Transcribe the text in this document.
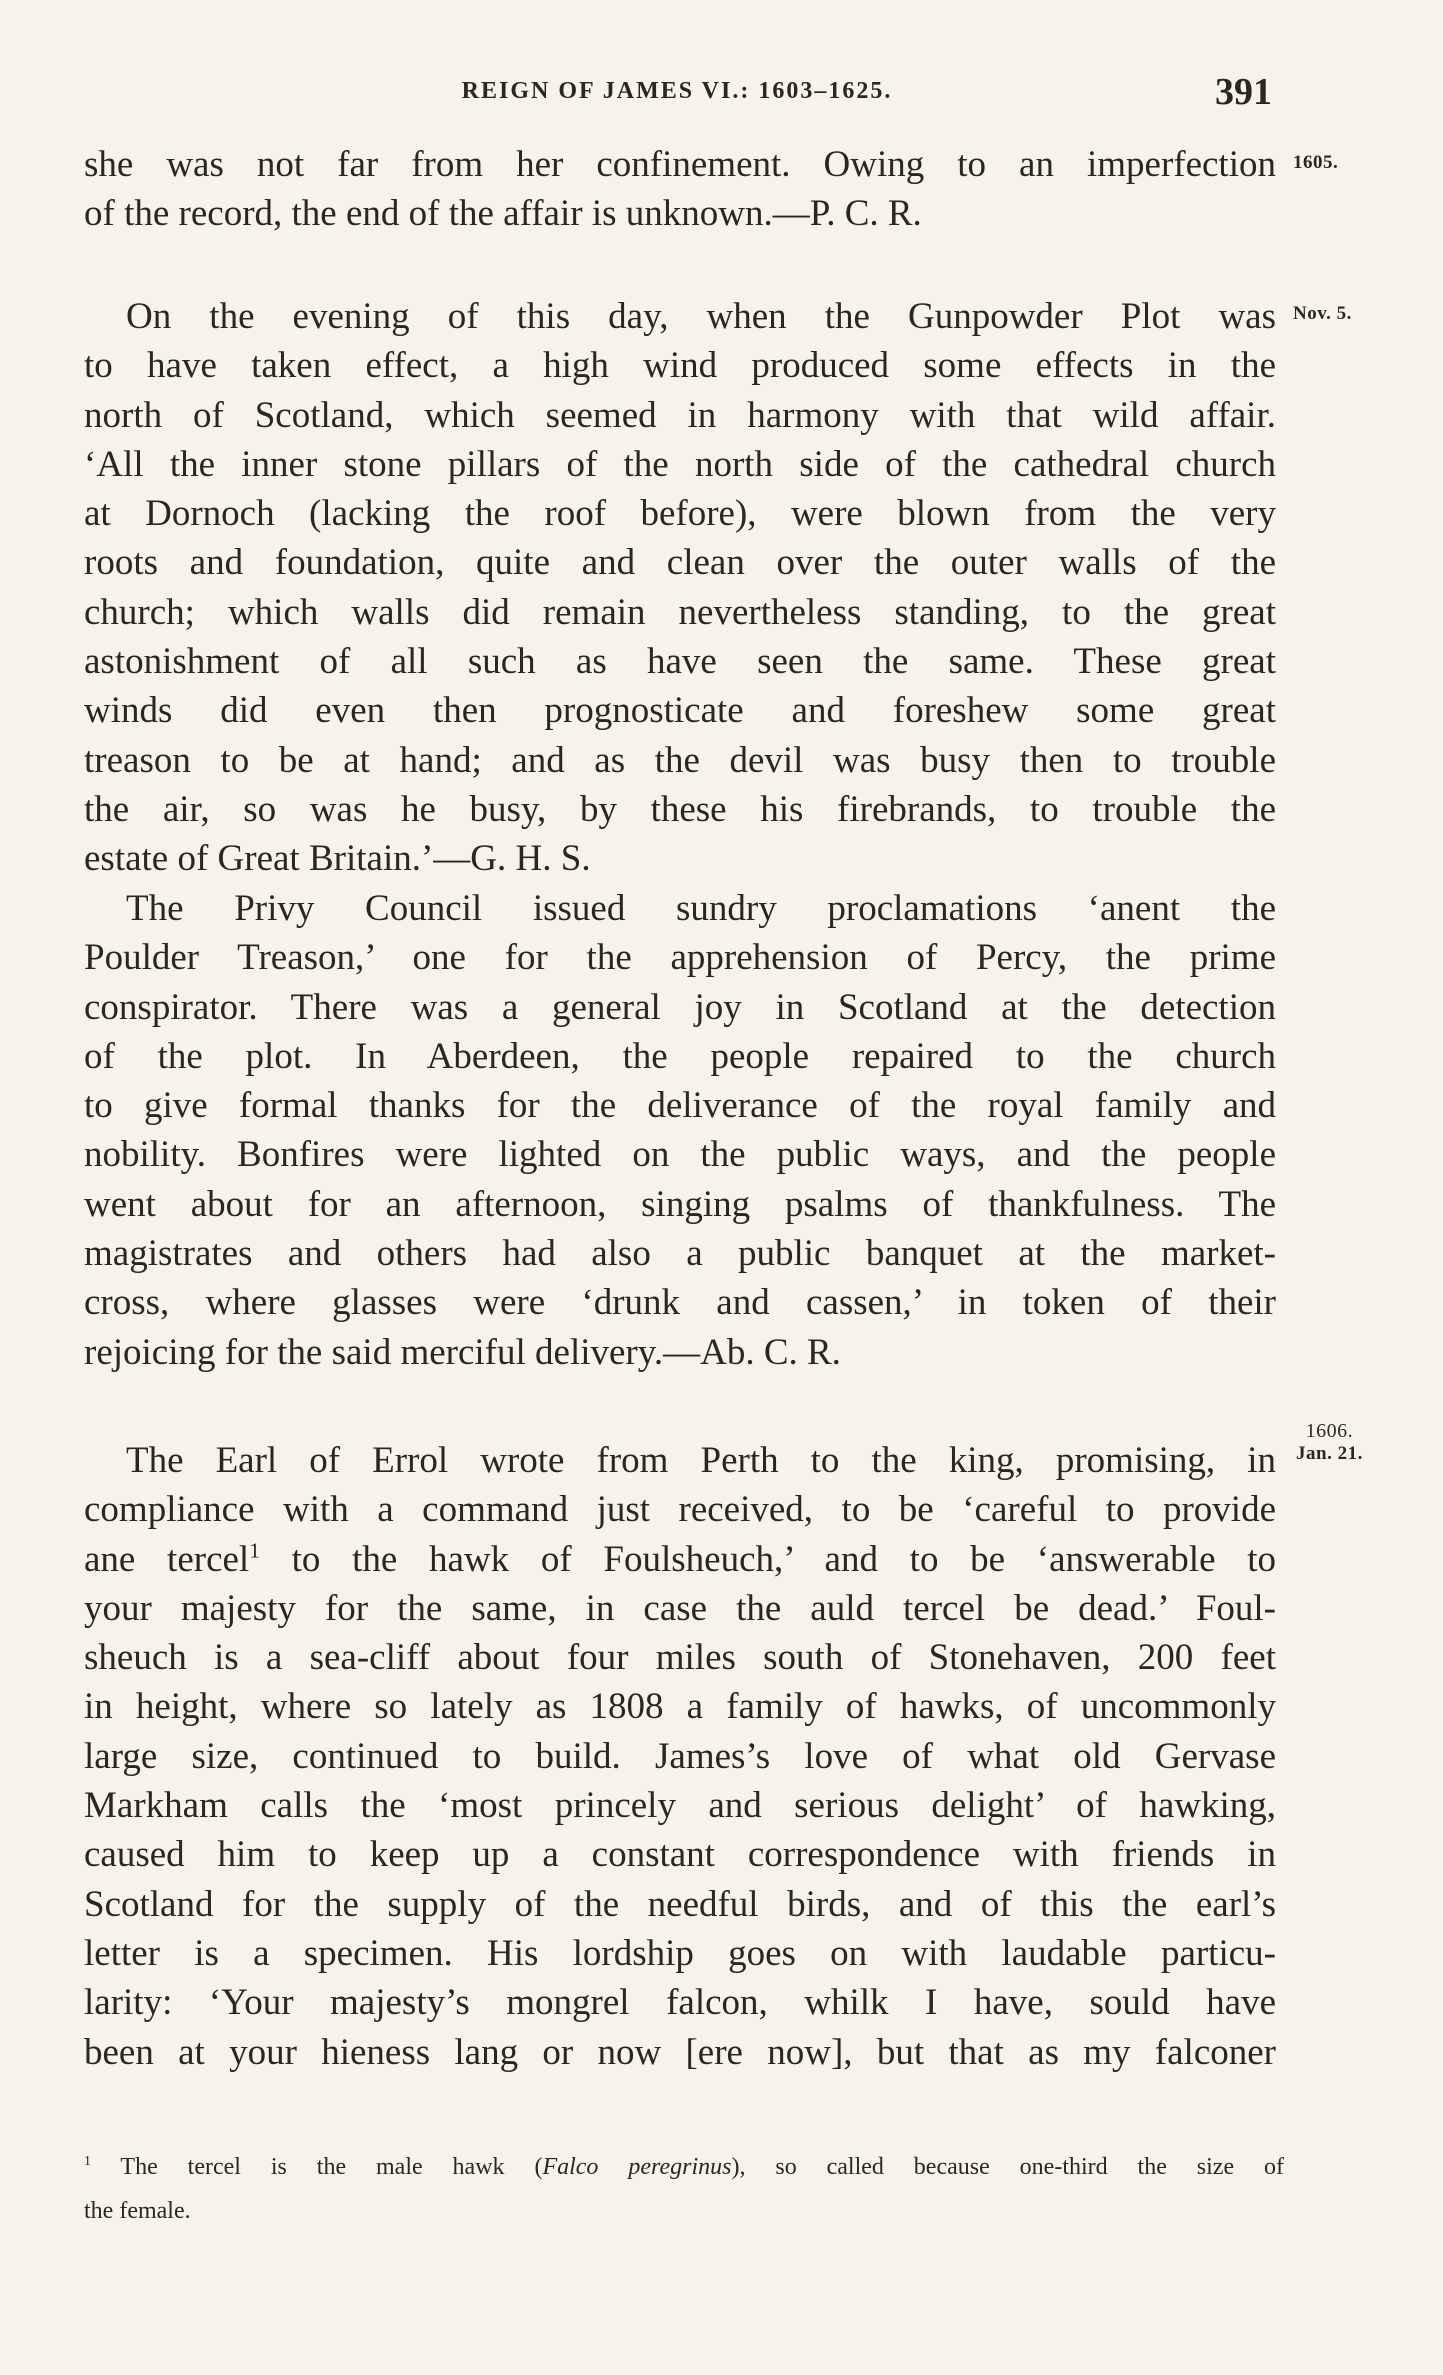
REIGN OF JAMES VI.: 1603–1625.	391
1605.
Nov. 5.
1606.
Jan. 21.
she was not far from her confinement. Owing to an imperfection
of the record, the end of the affair is unknown.—P. C. R.
On the evening of this day, when the Gunpowder Plot was
to have taken effect, a high wind produced some effects in the
north of Scotland, which seemed in harmony with that wild affair.
‘All the inner stone pillars of the north side of the cathedral church
at Dornoch (lacking the roof before), were blown from the very
roots and foundation, quite and clean over the outer walls of the
church; which walls did remain nevertheless standing, to the great
astonishment of all such as have seen the same. These great
winds did even then prognosticate and foreshew some great
treason to be at hand; and as the devil was busy then to trouble
the air, so was he busy, by these his firebrands, to trouble the
estate of Great Britain.’—G. H. S.
The Privy Council issued sundry proclamations ‘anent the
Poulder Treason,’ one for the apprehension of Percy, the prime
conspirator. There was a general joy in Scotland at the detection
of the plot. In Aberdeen, the people repaired to the church
to give formal thanks for the deliverance of the royal family and
nobility. Bonfires were lighted on the public ways, and the people
went about for an afternoon, singing psalms of thankfulness. The
magistrates and others had also a public banquet at the market-
cross, where glasses were ‘drunk and cassen,’ in token of their
rejoicing for the said merciful delivery.—Ab. C. R.
The Earl of Errol wrote from Perth to the king, promising, in
compliance with a command just received, to be ‘careful to provide
ane tercel$^1$ to the hawk of Foulsheuch,’ and to be ‘answerable to
your majesty for the same, in case the auld tercel be dead.’ Foul-
sheuch is a sea-cliff about four miles south of Stonehaven, 200 feet
in height, where so lately as 1808 a family of hawks, of uncommonly
large size, continued to build. James’s love of what old Gervase
Markham calls the ‘most princely and serious delight’ of hawking,
caused him to keep up a constant correspondence with friends in
Scotland for the supply of the needful birds, and of this the earl’s
letter is a specimen. His lordship goes on with laudable particu-
larity: ‘Your majesty’s mongrel falcon, whilk I have, sould have
been at your hieness lang or now [ere now], but that as my falconer
$^1$ The tercel is the male hawk (Falco peregrinus), so called because one-third the size of
the female.
